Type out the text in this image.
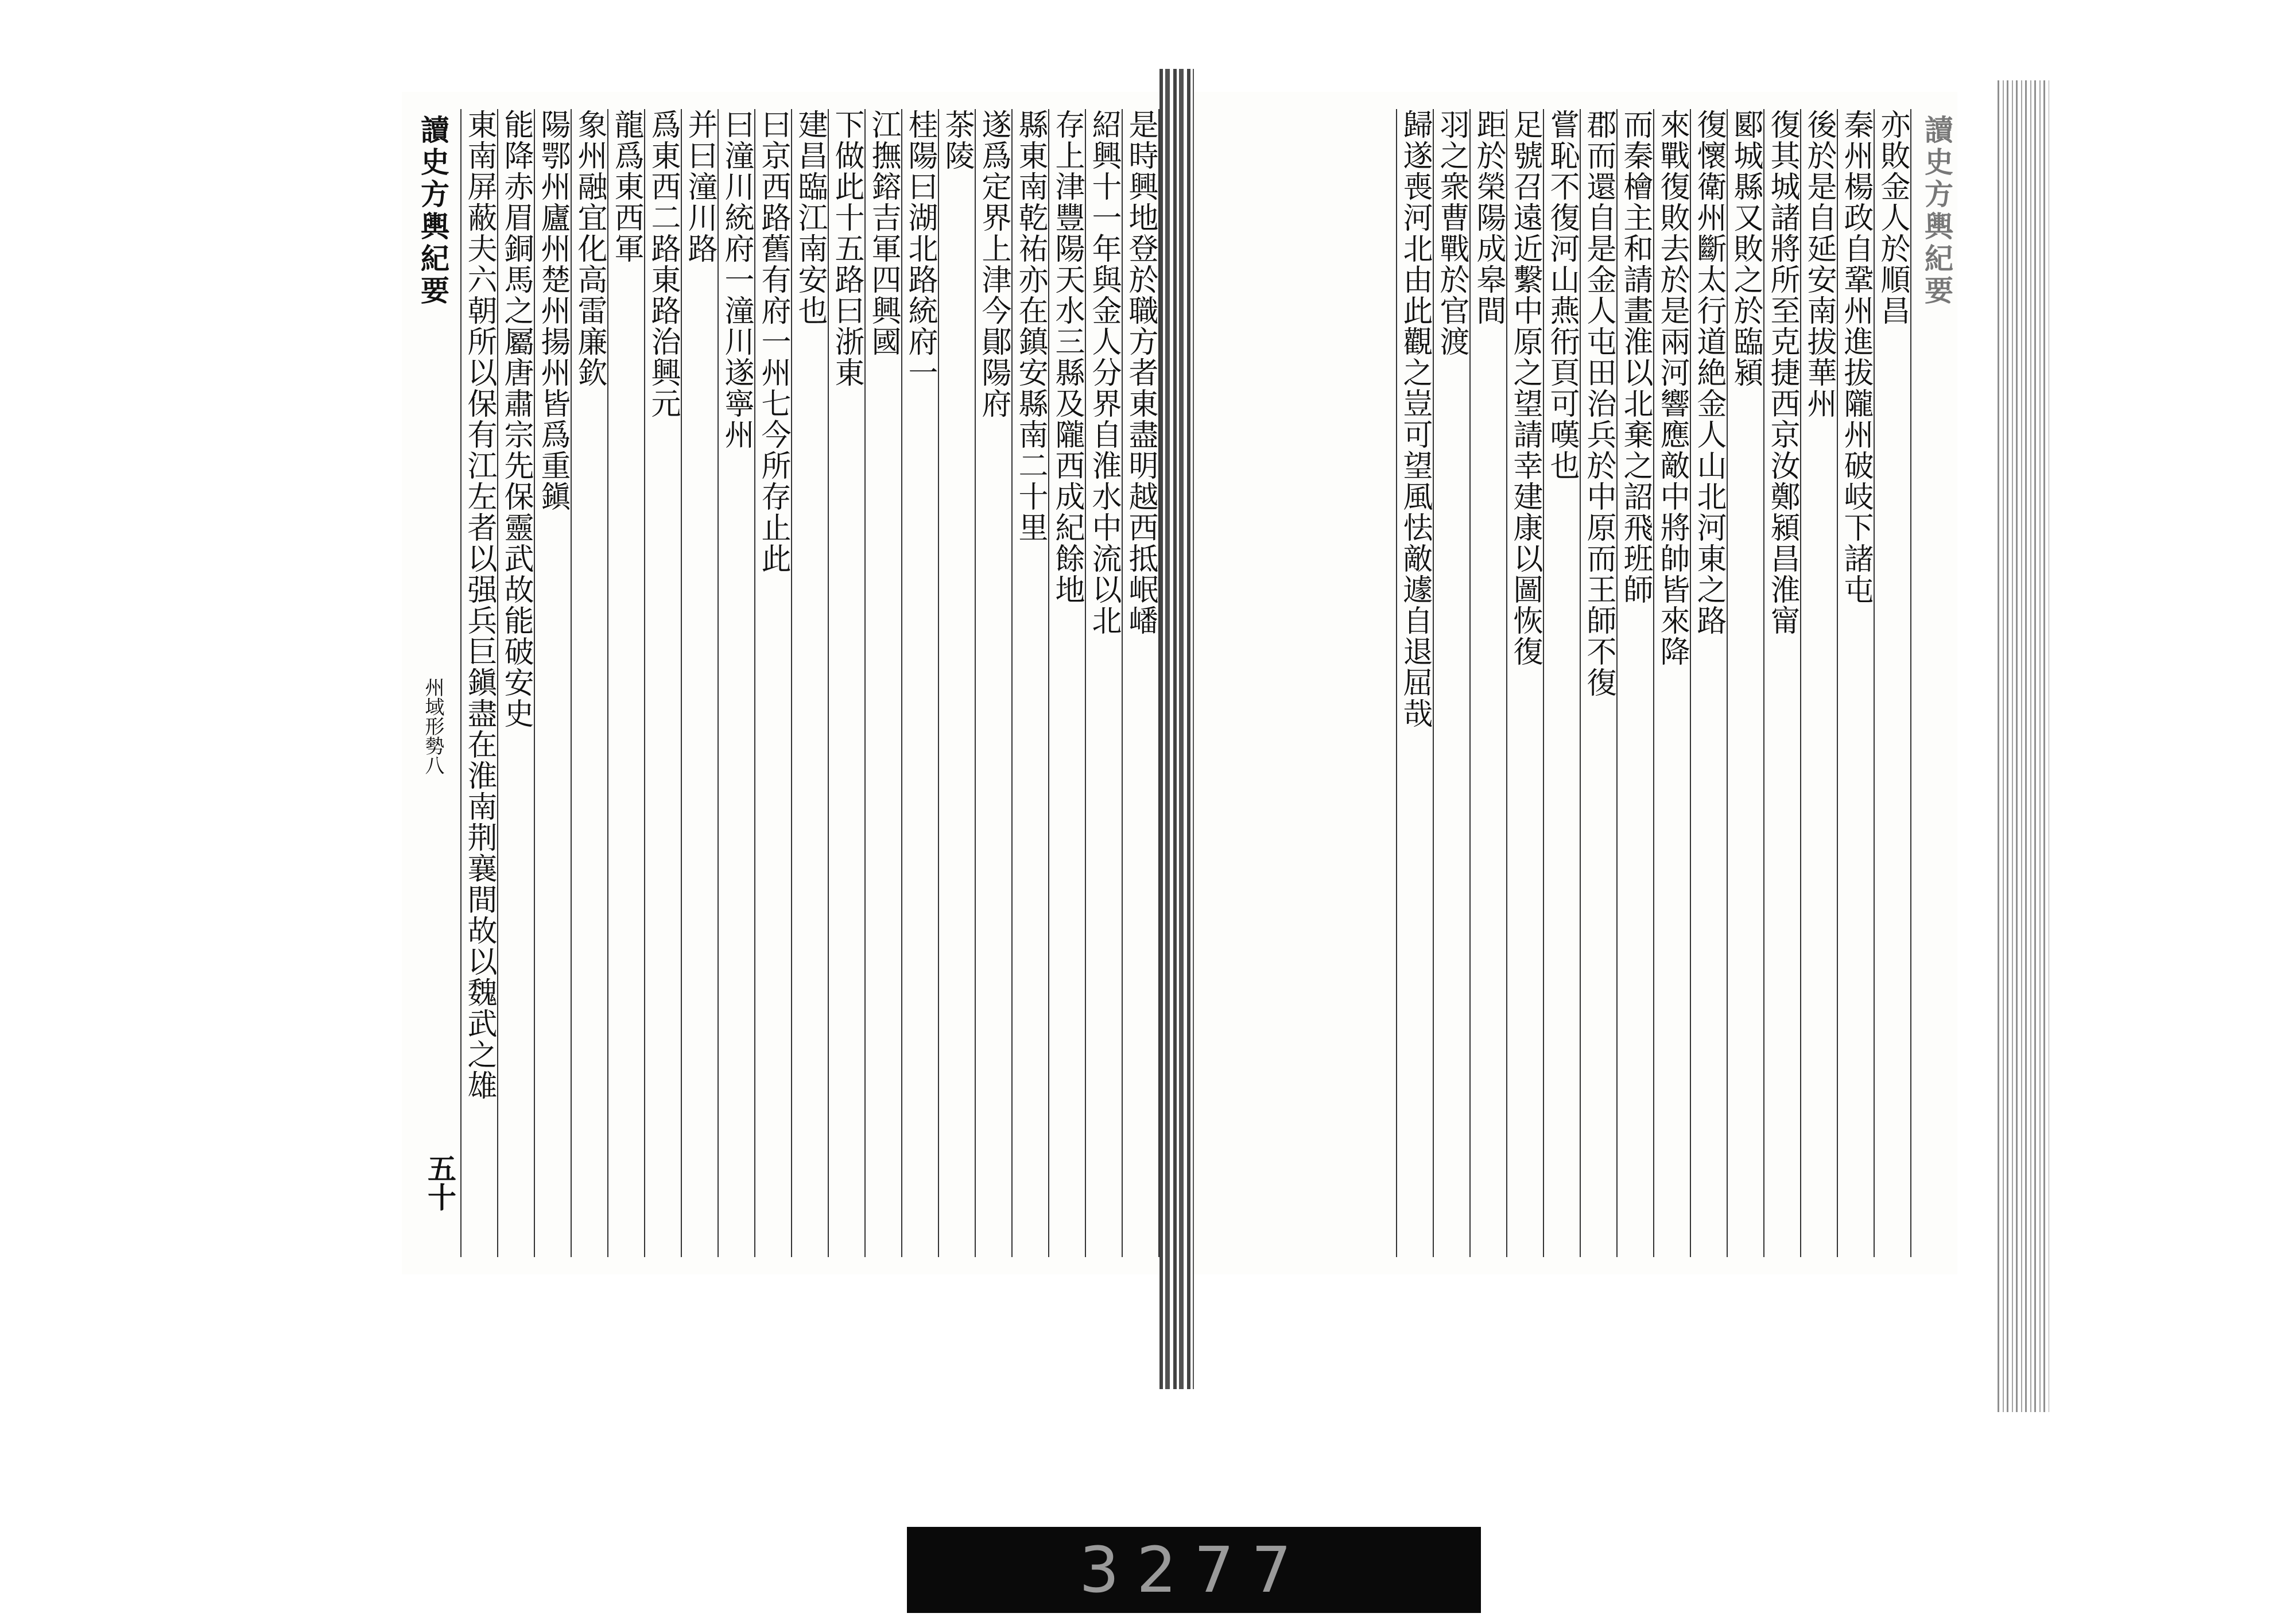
讀史方輿紀要
州域形勢八
五十
是時興地登於職方者東盡明越西抵岷嶓
紹興十一年與金人分界自淮水中流以北
存上津豐陽天水三縣及隴西成紀餘地
縣東南乾祐亦在鎮安縣南二十里
遂爲定界上津今鄖陽府
茶陵
桂陽曰湖北路統府一
江撫鎔吉軍四興國
下做此十五路曰浙東
建昌臨江南安也
曰京西路舊有府一州七今所存止此
曰潼川統府一潼川遂寧州
并曰潼川路
爲東西二路東路治興元
龍爲東西軍
象州融宜化高雷廉欽
陽鄂州廬州楚州揚州皆爲重鎭
能降赤眉銅馬之屬唐肅宗先保靈武故能破安史
東南屏蔽夫六朝所以保有江左者以强兵巨鎭盡在淮南荆襄間故以魏武之雄	亦敗金人於順昌
秦州楊政自鞏州進拔隴州破岐下諸屯
後於是自延安南拔華州
復其城諸將所至克捷西京汝鄭潁昌淮甯
郾城縣又敗之於臨潁
復懷衛州斷太行道絶金人山北河東之路
來戰復敗去於是兩河響應敵中將帥皆來降
而秦檜主和請畫淮以北棄之詔飛班師
郡而還自是金人屯田治兵於中原而王師不復
嘗恥不復河山燕衎頁可嘆也
足號召遠近繫中原之望請幸建康以圖恢復
距於榮陽成皋間
羽之衆曹戰於官渡
歸遂喪河北由此觀之豈可望風怯敵遽自退屈哉	讀史方輿紀要
3277
